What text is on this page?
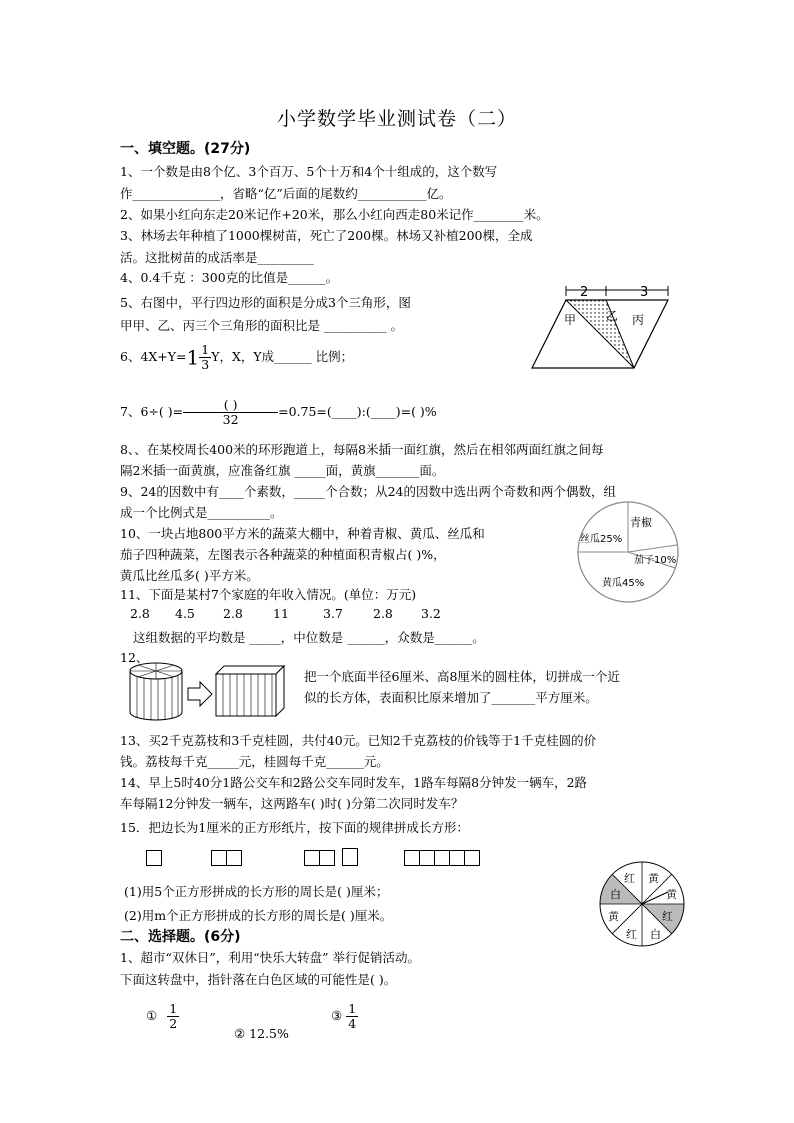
小学数学毕业测试卷（二）
一、填空题。(27分)
1、一个数是由8个亿、3个百万、5个十万和4个十组成的，这个数写
作______________，省略“亿”后面的尾数约___________亿。
2、如果小红向东走20米记作+20米，那么小红向西走80米记作________米。
3、林场去年种植了1000棵树苗，死亡了200棵。林场又补植200棵，全成
活。这批树苗的成活率是_________
4、0.4千克 ：300克的比值是______。
5、右图中，平行四边形的面积是分成3个三角形，图
甲甲、乙、丙三个三角形的面积比是 __________ 。
2	3
甲 乙 丙
6、$4X+Y=1 \frac{1}{3}$ Y，X，Y成______ 比例；
7、6÷( )= $\frac{( )}{32}$ =0.75=(____):(____)=( )%
8、、在某校周长400米的环形跑道上，每隔8米插一面红旗，然后在相邻两面红旗之间每
隔2米插一面黄旗，应准备红旗 _____面，黄旗_______面。
9、24的因数中有____个素数，_____个合数；从24的因数中选出两个奇数和两个偶数，组
成一个比例式是__________。
10、一块占地800平方米的蔬菜大棚中，种着青椒、黄瓜、丝瓜和
茄子四种蔬菜，左图表示各种蔬菜的种植面积青椒占( )%，
黄瓜比丝瓜多( )平方米。
青椒
丝瓜25%
茄子10%
黄瓜45%
11、下面是某村7个家庭的年收入情况。(单位：万元)
2.8 4.5 2.8 11	3.7 2.8 3.2
这组数据的平均数是 _____，中位数是 ______，众数是______。
12、
把一个底面半径6厘米、高8厘米的圆柱体，切拼成一个近
似的长方体，表面积比原来增加了_______平方厘米。
13、买2千克荔枝和3千克桂圆，共付40元。已知2千克荔枝的价钱等于1千克桂圆的价
钱。荔枝每千克_____元，桂圆每千克______元。
14、早上5时40分1路公交车和2路公交车同时发车，1路车每隔8分钟发一辆车，2路
车每隔12分钟发一辆车，这两路车( )时( )分第二次同时发车？
15．把边长为1厘米的正方形纸片，按下面的规律拼成长方形：
(1)用5个正方形拼成的长方形的周长是( )厘米；
(2)用m个正方形拼成的长方形的周长是( )厘米。
红 黄
黄
红
白
红
黄
白
二、选择题。(6分)
1、超市“双休日”，利用“快乐大转盘” 举行促销活动。
下面这转盘中，指针落在白色区域的可能性是( )。
① $\frac{1}{2}$
② 12.5%
③ $\frac{1}{4}$
